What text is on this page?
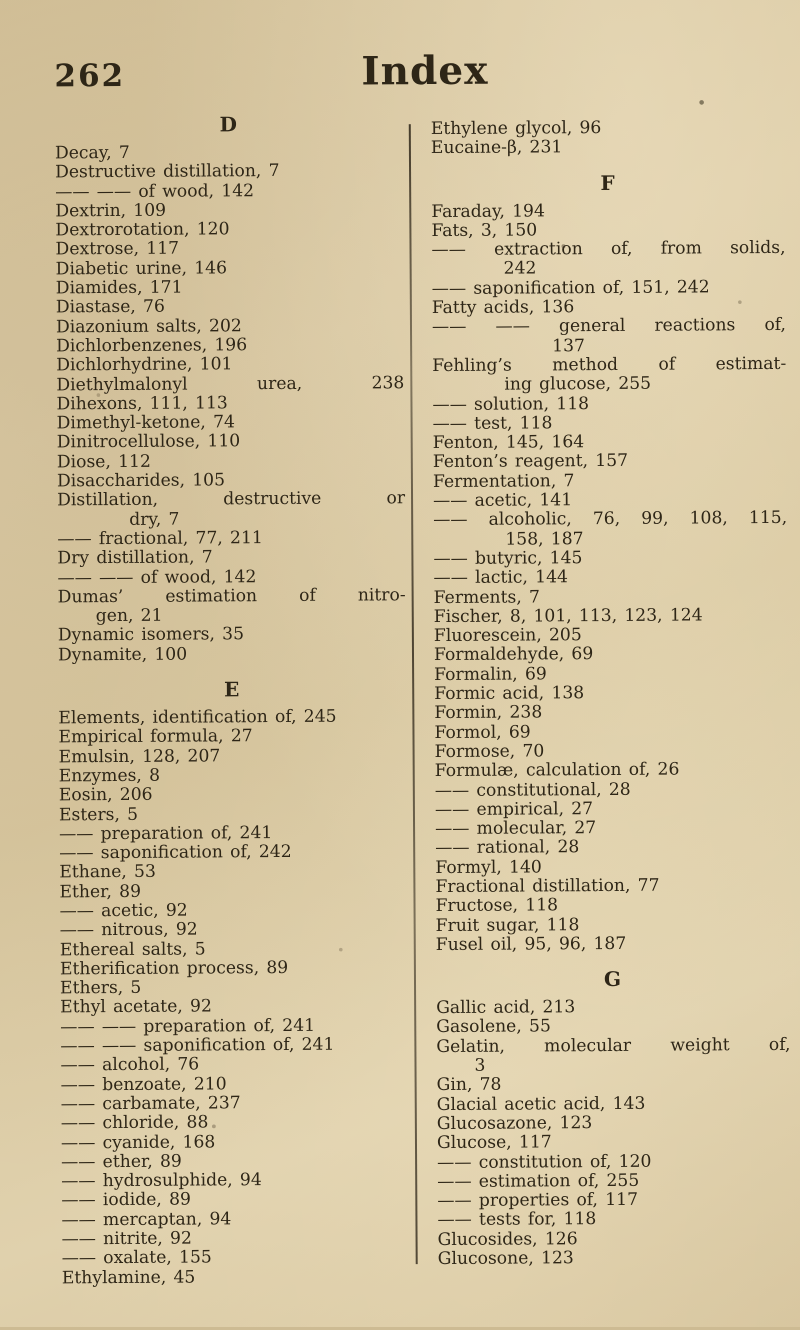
262	Index
D
Decay, 7
Destructive distillation, 7
—— —— of wood, 142
Dextrin, 109
Dextrorotation, 120
Dextrose, 117
Diabetic urine, 146
Diamides, 171
Diastase, 76
Diazonium salts, 202
Dichlorbenzenes, 196
Dichlorhydrine, 101
Diethylmalonyl urea, 238
Dihexons, 111, 113
Dimethyl-ketone, 74
Dinitrocellulose, 110
Diose, 112
Disaccharides, 105
Distillation, destructive or
dry, 7
—— fractional, 77, 211
Dry distillation, 7
—— —— of wood, 142
Dumas’ estimation of nitro-
gen, 21
Dynamic isomers, 35
Dynamite, 100
E
Elements, identification of, 245
Empirical formula, 27
Emulsin, 128, 207
Enzymes, 8
Eosin, 206
Esters, 5
—— preparation of, 241
—— saponification of, 242
Ethane, 53
Ether, 89
—— acetic, 92
—— nitrous, 92
Ethereal salts, 5
Etherification process, 89
Ethers, 5
Ethyl acetate, 92
—— —— preparation of, 241
—— —— saponification of, 241
—— alcohol, 76
—— benzoate, 210
—— carbamate, 237
—— chloride, 88
—— cyanide, 168
—— ether, 89
—— hydrosulphide, 94
—— iodide, 89
—— mercaptan, 94
—— nitrite, 92
—— oxalate, 155
Ethylamine, 45
Ethylene glycol, 96
Eucaine-β, 231
F
Faraday, 194
Fats, 3, 150
—— extraction of, from solids,
242
—— saponification of, 151, 242
Fatty acids, 136
—— —— general reactions of,
137
Fehling’s method of estimat-
ing glucose, 255
—— solution, 118
—— test, 118
Fenton, 145, 164
Fenton’s reagent, 157
Fermentation, 7
—— acetic, 141
—— alcoholic, 76, 99, 108, 115,
158, 187
—— butyric, 145
—— lactic, 144
Ferments, 7
Fischer, 8, 101, 113, 123, 124
Fluorescein, 205
Formaldehyde, 69
Formalin, 69
Formic acid, 138
Formin, 238
Formol, 69
Formose, 70
Formulæ, calculation of, 26
—— constitutional, 28
—— empirical, 27
—— molecular, 27
—— rational, 28
Formyl, 140
Fractional distillation, 77
Fructose, 118
Fruit sugar, 118
Fusel oil, 95, 96, 187
G
Gallic acid, 213
Gasolene, 55
Gelatin, molecular weight of,
3
Gin, 78
Glacial acetic acid, 143
Glucosazone, 123
Glucose, 117
—— constitution of, 120
—— estimation of, 255
—— properties of, 117
—— tests for, 118
Glucosides, 126
Glucosone, 123
